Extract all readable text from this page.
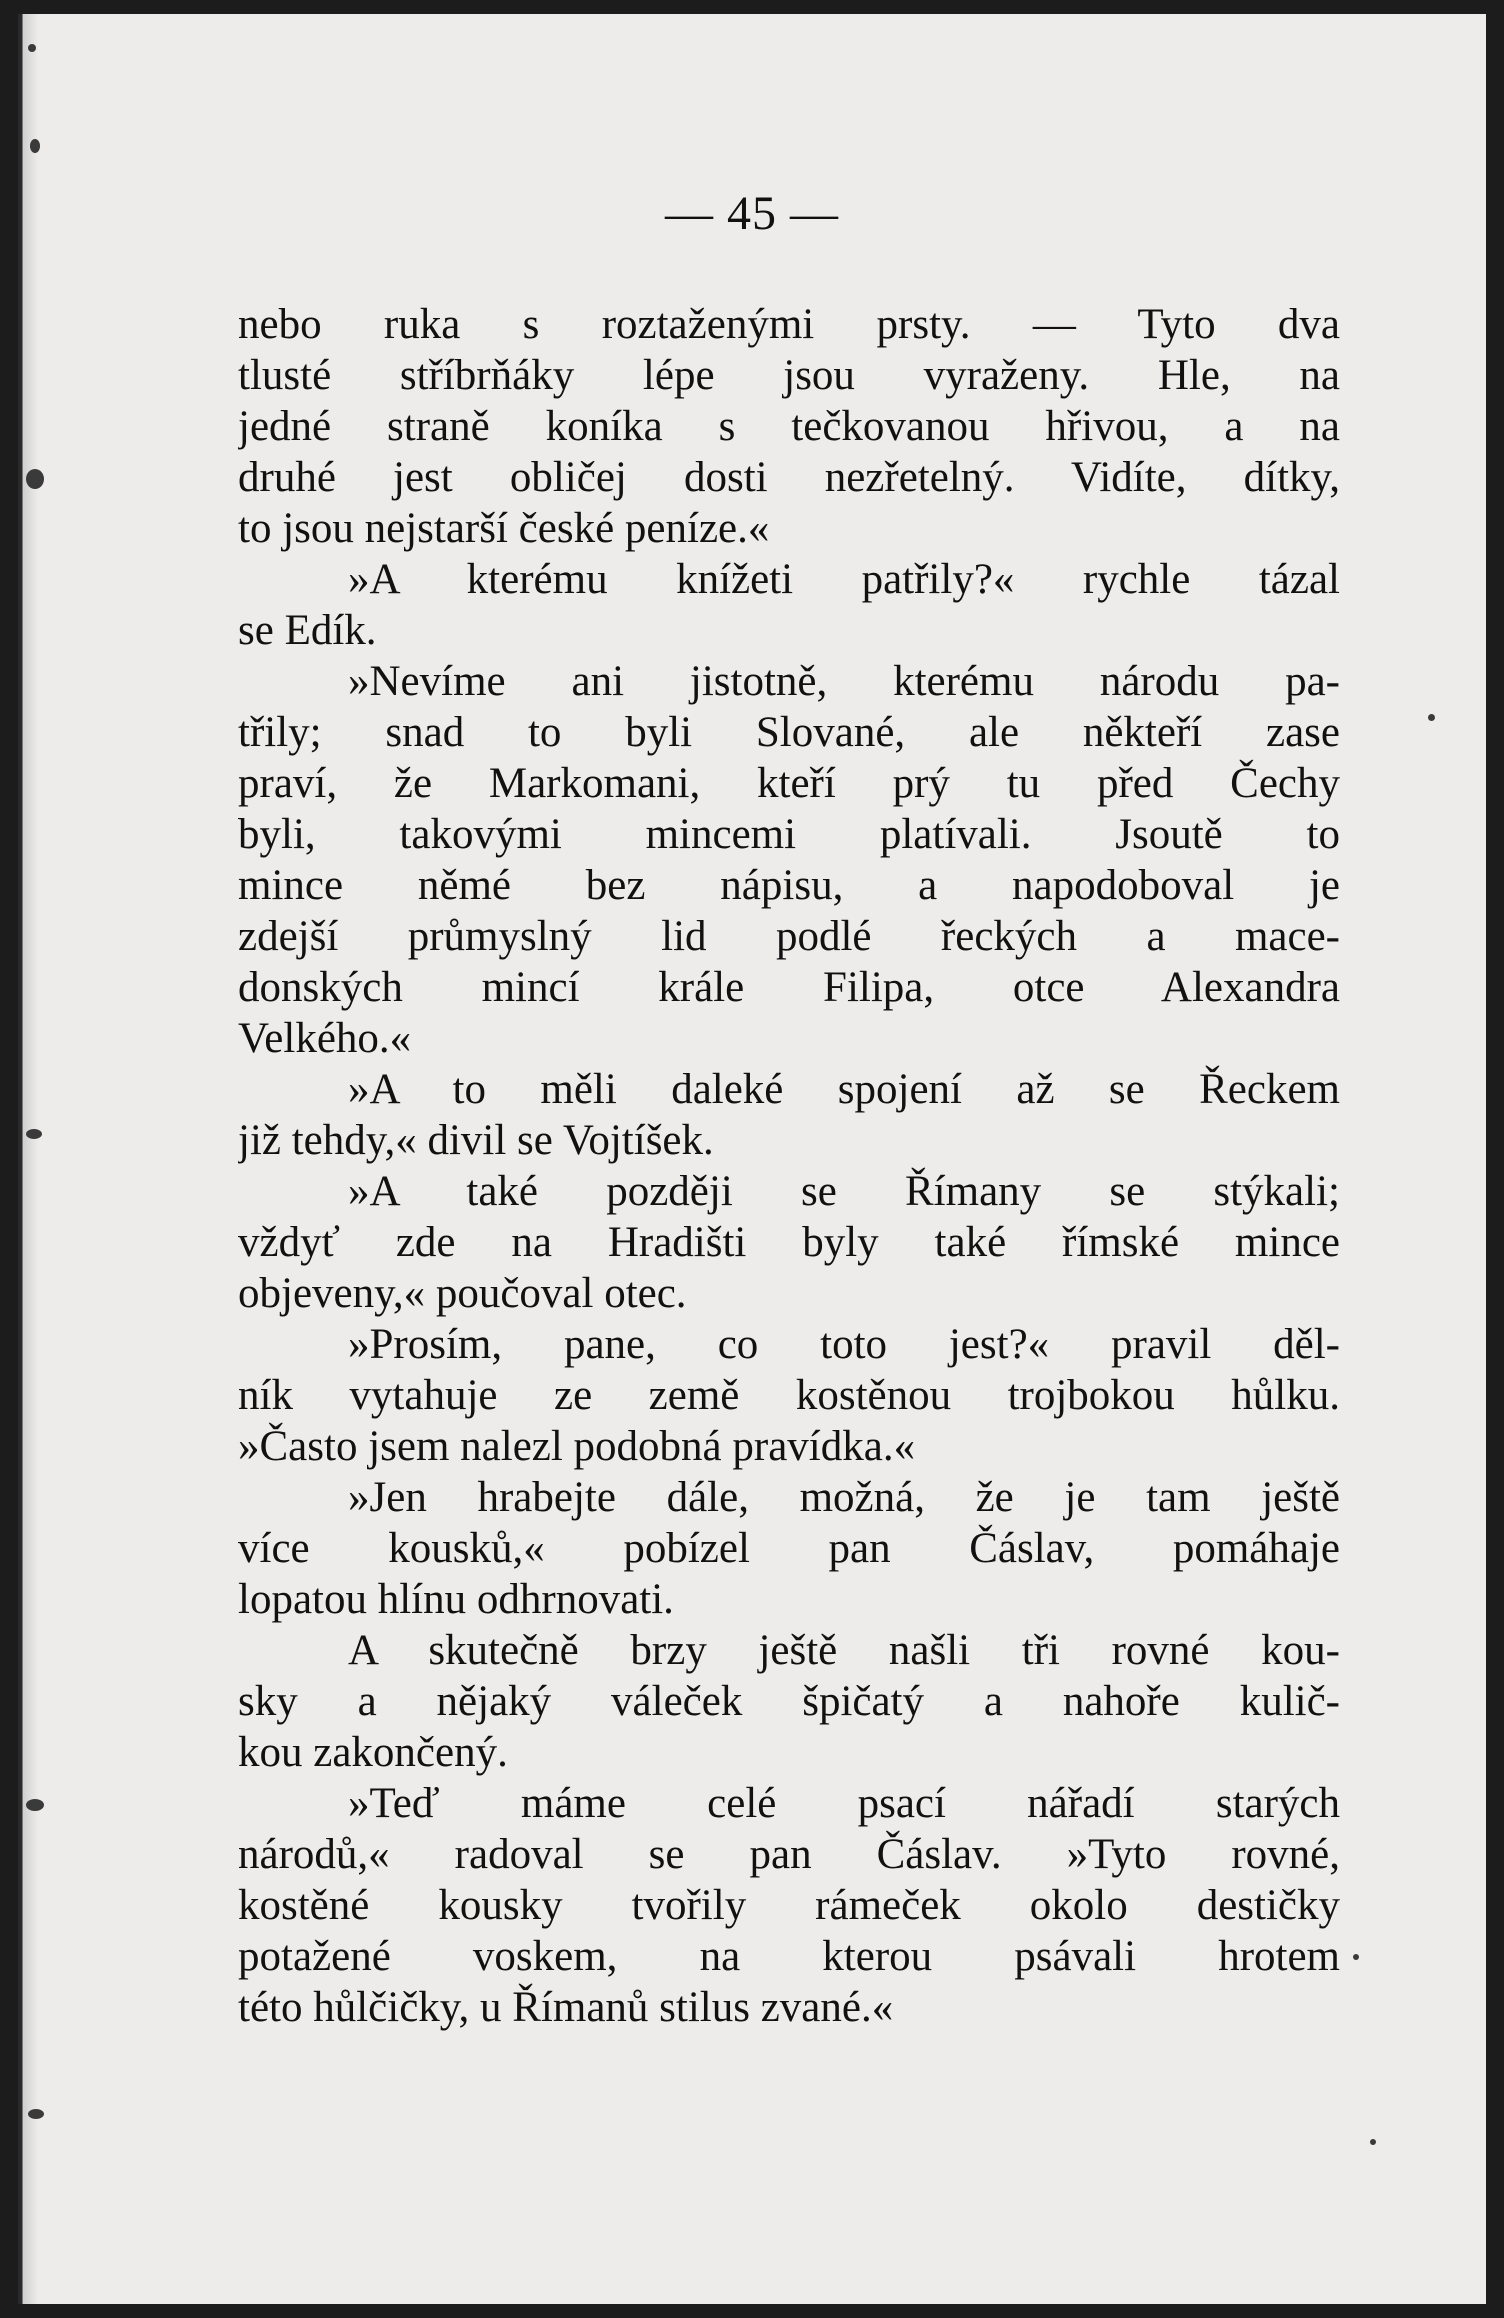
— 45 —
nebo ruka s roztaženými prsty. — Tyto dva
tlusté stříbrňáky lépe jsou vyraženy. Hle, na
jedné straně koníka s tečkovanou hřivou, a na
druhé jest obličej dosti nezřetelný. Vidíte, dítky,
to jsou nejstarší české peníze.«
»A kterému knížeti patřily?« rychle tázal
se Edík.
»Nevíme ani jistotně, kterému národu pa-
třily; snad to byli Slované, ale někteří zase
praví, že Markomani, kteří prý tu před Čechy
byli, takovými mincemi platívali. Jsoutě to
mince němé bez nápisu, a napodoboval je
zdejší průmyslný lid podlé řeckých a mace-
donských mincí krále Filipa, otce Alexandra
Velkého.«
»A to měli daleké spojení až se Řeckem
již tehdy,« divil se Vojtíšek.
»A také později se Římany se stýkali;
vždyť zde na Hradišti byly také římské mince
objeveny,« poučoval otec.
»Prosím, pane, co toto jest?« pravil děl-
ník vytahuje ze země kostěnou trojbokou hůlku.
»Často jsem nalezl podobná pravídka.«
»Jen hrabejte dále, možná, že je tam ještě
více kousků,« pobízel pan Čáslav, pomáhaje
lopatou hlínu odhrnovati.
A skutečně brzy ještě našli tři rovné kou-
sky a nějaký váleček špičatý a nahoře kulič-
kou zakončený.
»Teď máme celé psací nářadí starých
národů,« radoval se pan Čáslav. »Tyto rovné,
kostěné kousky tvořily rámeček okolo destičky
potažené voskem, na kterou psávali hrotem
této hůlčičky, u Římanů stilus zvané.«
